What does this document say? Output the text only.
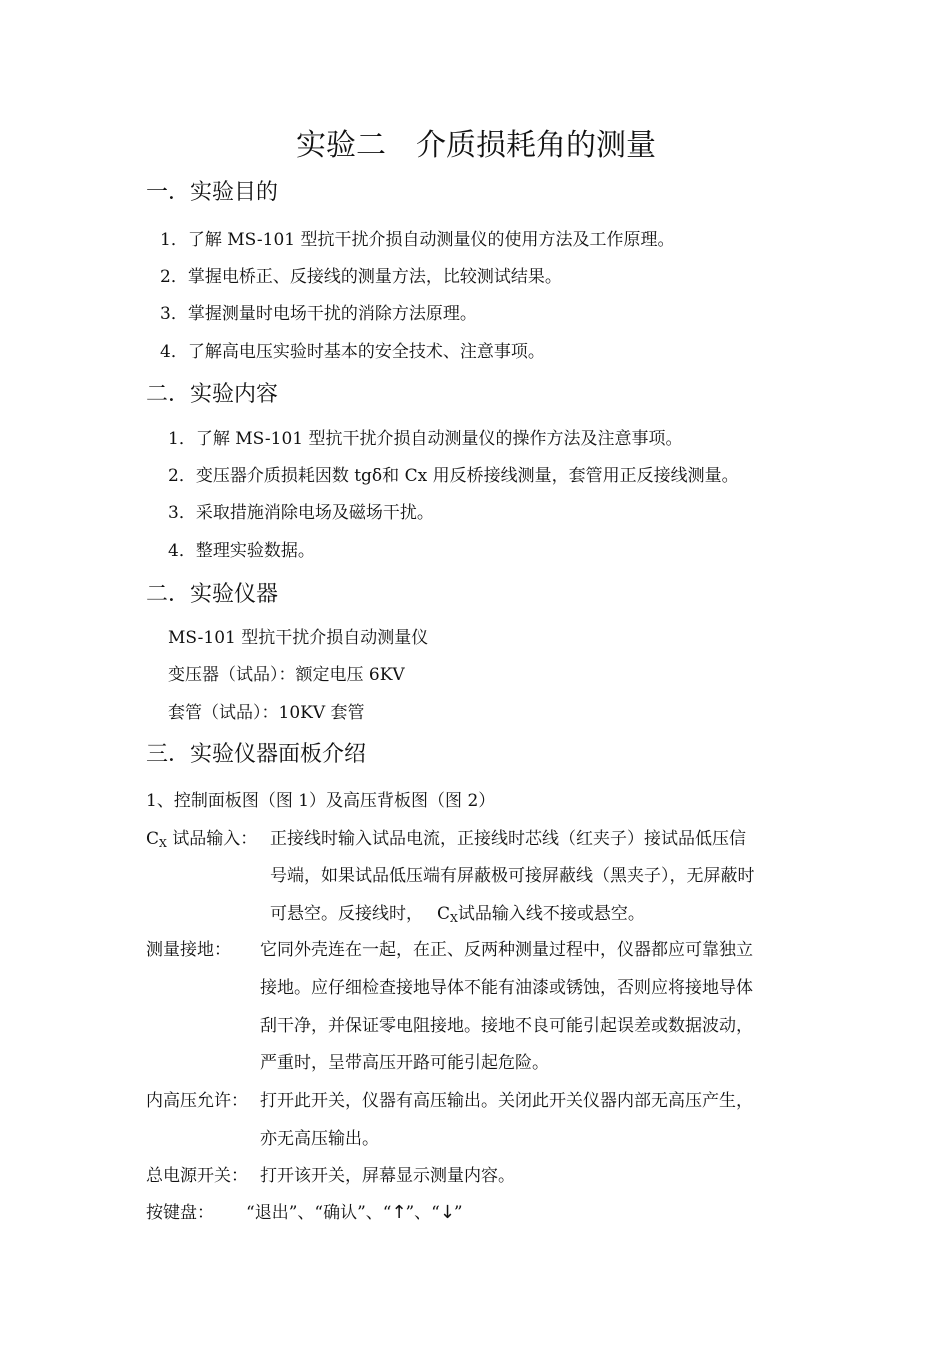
实验二　介质损耗角的测量
一．实验目的
1．了解 MS-101 型抗干扰介损自动测量仪的使用方法及工作原理。
2．掌握电桥正、反接线的测量方法，比较测试结果。
3．掌握测量时电场干扰的消除方法原理。
4．了解高电压实验时基本的安全技术、注意事项。
二．实验内容
1．了解 MS-101 型抗干扰介损自动测量仪的操作方法及注意事项。
2．变压器介质损耗因数 tgδ和 Cx 用反桥接线测量，套管用正反接线测量。
3．采取措施消除电场及磁场干扰。
4．整理实验数据。
二．实验仪器
MS-101 型抗干扰介损自动测量仪
变压器（试品）：额定电压 6KV
套管（试品）：10KV 套管
三．实验仪器面板介绍
1、控制面板图（图 1）及高压背板图（图 2）
$C_X$ 试品输入： 正接线时输入试品电流，正接线时芯线（红夹子）接试品低压信
号端，如果试品低压端有屏蔽极可接屏蔽线（黑夹子），无屏蔽时
可悬空。反接线时， $C_X$试品输入线不接或悬空。
测量接地： 它同外壳连在一起，在正、反两种测量过程中，仪器都应可靠独立
接地。应仔细检查接地导体不能有油漆或锈蚀，否则应将接地导体
刮干净，并保证零电阻接地。接地不良可能引起误差或数据波动，
严重时，呈带高压开路可能引起危险。
内高压允许： 打开此开关，仪器有高压输出。关闭此开关仪器内部无高压产生，
亦无高压输出。
总电源开关： 打开该开关，屏幕显示测量内容。
按键盘： “退出”、“确认”、“↑”、“↓”
